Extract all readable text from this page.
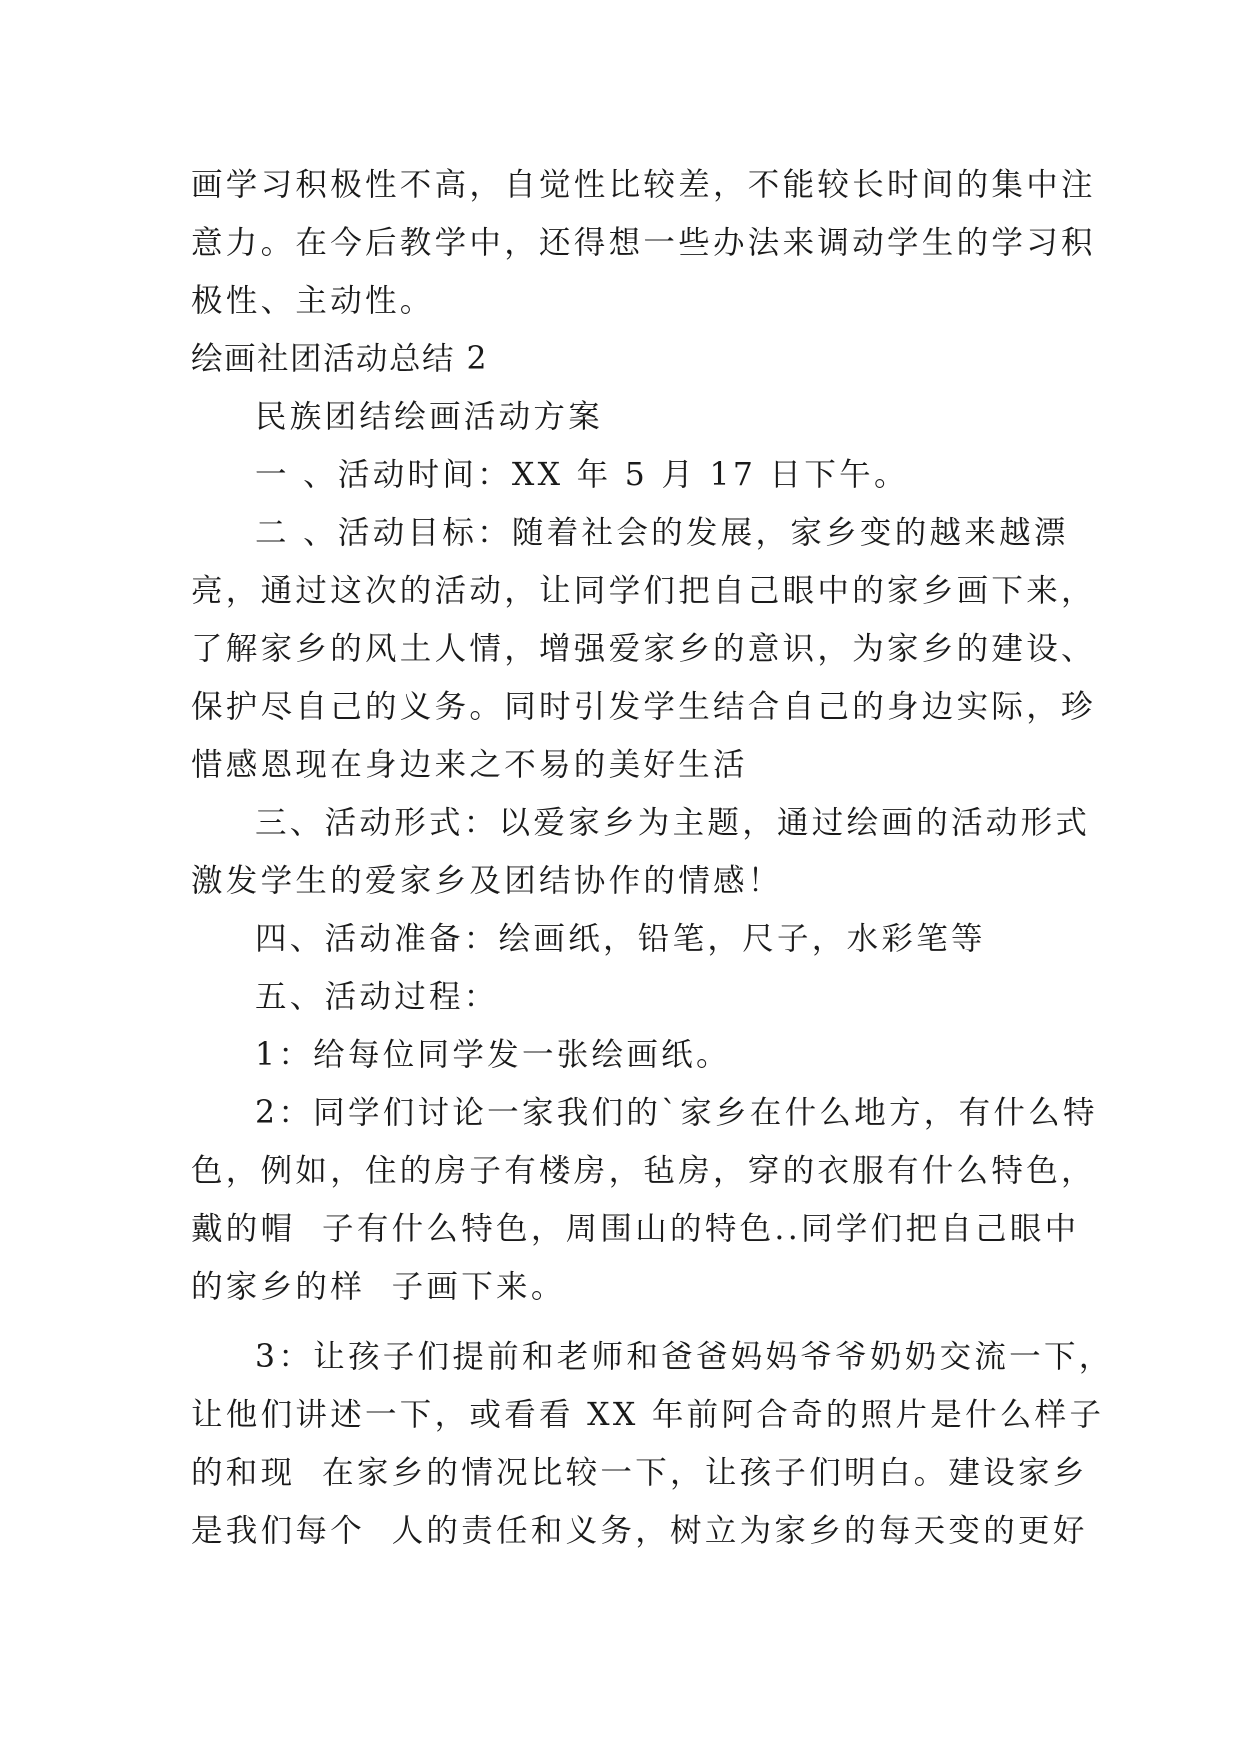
画学习积极性不高，自觉性比较差，不能较长时间的集中注
意力。在今后教学中，还得想一些办法来调动学生的学习积
极性、主动性。
绘画社团活动总结 2
民族团结绘画活动方案
一 、活动时间：XX 年 5 月 17 日下午。
二 、活动目标：随着社会的发展，家乡变的越来越漂
亮，通过这次的活动，让同学们把自己眼中的家乡画下来，
了解家乡的风土人情，增强爱家乡的意识，为家乡的建设、
保护尽自己的义务。同时引发学生结合自己的身边实际，珍
惜感恩现在身边来之不易的美好生活
三、活动形式：以爱家乡为主题，通过绘画的活动形式
激发学生的爱家乡及团结协作的情感！
四、活动准备：绘画纸，铅笔，尺子，水彩笔等
五、活动过程：
1：给每位同学发一张绘画纸。
2：同学们讨论一家我们的`家乡在什么地方，有什么特
色，例如，住的房子有楼房，毡房，穿的衣服有什么特色，
戴的帽  子有什么特色，周围山的特色..同学们把自己眼中
的家乡的样  子画下来。
3：让孩子们提前和老师和爸爸妈妈爷爷奶奶交流一下，
让他们讲述一下，或看看 XX 年前阿合奇的照片是什么样子
的和现  在家乡的情况比较一下，让孩子们明白。建设家乡
是我们每个  人的责任和义务，树立为家乡的每天变的更好
